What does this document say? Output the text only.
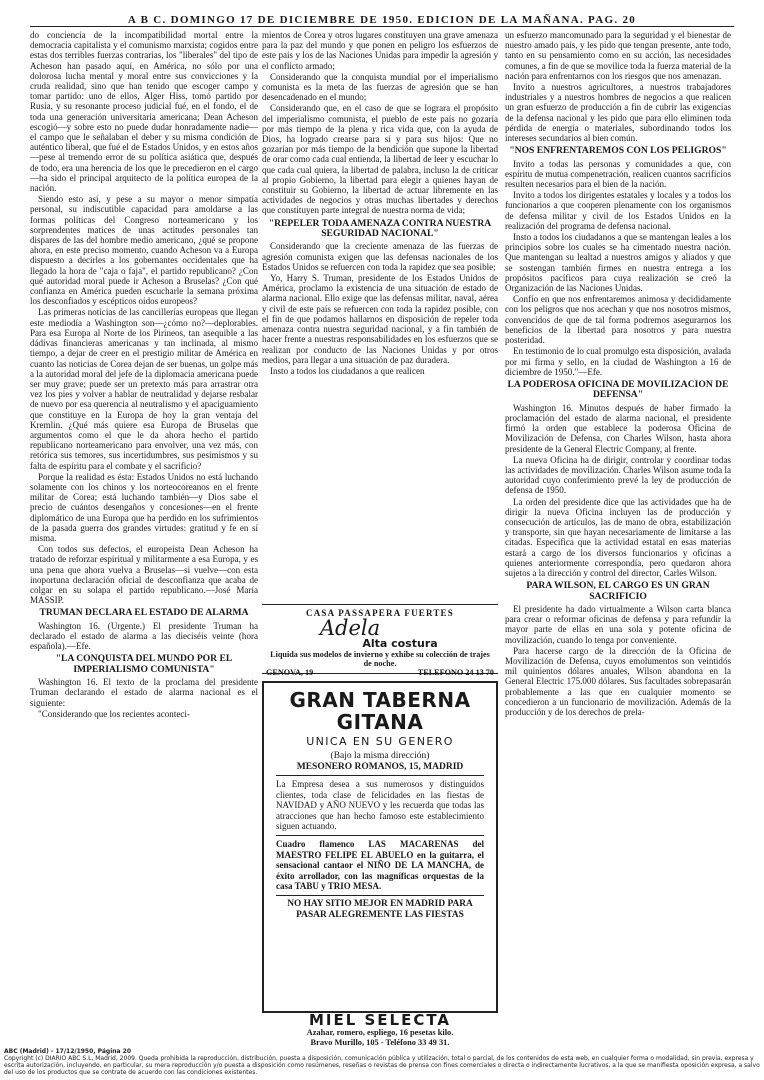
A B C. DOMINGO 17 DE DICIEMBRE DE 1950. EDICION DE LA MAÑANA. PAG. 20

do conciencia de la incompatibilidad mortal entre la democracia capitalista y el comunismo marxista; cogidos entre estas dos terribles fuerzas contrarias, los "liberales" del tipo de Acheson han pasado aquí, en América, no sólo por una dolorosa lucha mental y moral entre sus convicciones y la cruda realidad, sino que han tenido que escoger campo y tomar partido: uno de ellos, Alger Hiss, tomó partido por Rusia, y su resonante proceso judicial fué, en el fondo, el de toda una generación universitaria americana; Dean Acheson escogió—y sobre esto no puede dudar honradamente nadie—el campo que le señalaban el deber y su misma condición de auténtico liberal, que fué el de Estados Unidos, y en estos años—pese al tremendo error de su política asiática que, después de todo, era una herencia de los que le precedieron en el cargo—ha sido el principal arquitecto de la política europea de la nación.

Siendo esto así, y pese a su mayor o menor simpatía personal, su indiscutible capacidad para amoldarse a las formas políticas del Congreso norteamericano y los sorprendentes matices de unas actitudes personales tan dispares de las del hombre medio americano, ¿qué se propone ahora, en este preciso momento, cuando Acheson va a Europa dispuesto a decirles a los gobernantes occidentales que ha llegado la hora de "caja o faja", el partido republicano? ¿Con qué autoridad moral puede ir Acheson a Bruselas? ¿Con qué confianza en América pueden escucharle la semana próxima los desconfiados y escépticos oídos europeos?

Las primeras noticias de las cancillerías europeas que llegan este mediodía a Washington son—¿cómo no?—deplorables. Para esa Europa al Norte de los Pirineos, tan asequible a las dádivas financieras americanas y tan inclinada, al mismo tiempo, a dejar de creer en el prestigio militar de América en cuanto las noticias de Corea dejan de ser buenas, un golpe más a la autoridad moral del jefe de la diplomacia americana puede ser muy grave; puede ser un pretexto más para arrastrar otra vez los pies y volver a hablar de neutralidad y dejarse resbalar de nuevo por esa querencia al neutralismo y el apaciguamiento que constituye en la Europa de hoy la gran ventaja del Kremlin. ¿Qué más quiere esa Europa de Bruselas que argumentos como el que le da ahora hecho el partido republicano norteamericano para envolver, una vez más, con retórica sus temores, sus incertidumbres, sus pesimismos y su falta de espíritu para el combate y el sacrificio?

Porque la realidad es ésta: Estados Unidos no está luchando solamente con los chinos y los norteocoreanos en el frente militar de Corea; está luchando también—y Dios sabe el precio de cuántos desengaños y concesiones—en el frente diplomático de una Europa que ha perdido en los sufrimientos de la pasada guerra dos grandes virtudes: gratitud y fe en sí misma.

Con todos sus defectos, el europeísta Dean Acheson ha tratado de reforzar espiritual y militarmente a esa Europa, y es una pena que ahora vuelva a Bruselas—si vuelve—con esta inoportuna declaración oficial de desconfianza que acaba de colgar en su solapa el partido republicano.—José María MASSIP.

TRUMAN DECLARA EL ESTADO DE ALARMA

Washington 16. (Urgente.) El presidente Truman ha declarado el estado de alarma a las dieciséis veinte (hora española).—Efe.

"LA CONQUISTA DEL MUNDO POR EL IMPERIALISMO COMUNISTA"

Washington 16. El texto de la proclama del presidente Truman declarando el estado de alarma nacional es el siguiente:

"Considerando que los recientes aconteci-

mientos de Corea y otros lugares constituyen una grave amenaza para la paz del mundo y que ponen en peligro los esfuerzos de este país y los de las Naciones Unidas para impedir la agresión y el conflicto armado;

Considerando que la conquista mundial por el imperialismo comunista es la meta de las fuerzas de agresión que se han desencadenado en el mundo;

Considerando que, en el caso de que se lograra el propósito del imperialismo comunista, el pueblo de este país no gozaría por más tiempo de la plena y rica vida que, con la ayuda de Dios, ha logrado crearse para sí y para sus hijos: Que no gozarían por más tiempo de la bendición que supone la libertad de orar como cada cual entienda, la libertad de leer y escuchar lo que cada cual quiera, la libertad de palabra, incluso la de criticar al propio Gobierno, la libertad para elegir a quienes hayan de constituir su Gobierno, la libertad de actuar libremente en las actividades de negocios y otras muchas libertades y derechos que constituyen parte integral de nuestra norma de vida;

"REPELER TODA AMENAZA CONTRA NUESTRA SEGURIDAD NACIONAL"

Considerando que la creciente amenaza de las fuerzas de agresión comunista exigen que las defensas nacionales de los Estados Unidos se refuercen con toda la rapidez que sea posible;

Yo, Harry S. Truman, presidente de los Estados Unidos de América, proclamo la existencia de una situación de estado de alarma nacional. Ello exige que las defensas militar, naval, aérea y civil de este país se refuercen con toda la rapidez posible, con el fin de que podamos hallarnos en disposición de repeler toda amenaza contra nuestra seguridad nacional, y a fin también de hacer frente a nuestras responsabilidades en los esfuerzos que se realizan por conducto de las Naciones Unidas y por otros medios, para llegar a una situación de paz duradera.

Insto a todos los ciudadanos a que realicen

CASA PASSAPERA FUERTES
Adela
Alta costura
Liquida sus modelos de invierno y exhibe su colección de trajes de noche.
GENOVA, 19	TELEFONO 24 13 70
GRAN TABERNA GITANA
UNICA EN SU GENERO
(Bajo la misma dirección)
MESONERO ROMANOS, 15, MADRID
La Empresa desea a sus numerosos y distinguidos clientes, toda clase de felicidades en las fiestas de NAVIDAD y AÑO NUEVO y les recuerda que todas las atracciones que han hecho famoso este establecimiento siguen actuando.
Cuadro flamenco LAS MACARENAS del MAESTRO FELIPE EL ABUELO en la guitarra, el sensacional cantaor el NIÑO DE LA MANCHA, de éxito arrollador, con las magníficas orquestas de la casa TABU y TRIO MESA.
NO HAY SITIO MEJOR EN MADRID PARA PASAR ALEGREMENTE LAS FIESTAS
MIEL SELECTA
Azahar, romero, espliego, 16 pesetas kilo.
Bravo Murillo, 105 - Teléfono 33 49 31.

un esfuerzo mancomunado para la seguridad y el bienestar de nuestro amado país, y les pido que tengan presente, ante todo, tanto en su pensamiento como en su acción, las necesidades comunes, a fin de que se movilice toda la fuerza material de la nación para enfrentarnos con los riesgos que nos amenazan.

Invito a nuestros agricultores, a nuestros trabajadores industriales y a nuestros hombres de negocios a que realicen un gran esfuerzo de producción a fin de cubrir las exigencias de la defensa nacional y les pido que para ello eliminen toda pérdida de energía o materiales, subordinando todos los intereses secundarios al bien común.

"NOS ENFRENTAREMOS CON LOS PELIGROS"

Invito a todas las personas y comunidades a que, con espíritu de mutua compenetración, realicen cuantos sacrificios resulten necesarios para el bien de la nación.

Invito a todos los dirigentes estatales y locales y a todos los funcionarios a que cooperen plenamente con los organismos de defensa militar y civil de los Estados Unidos en la realización del programa de defensa nacional.

Insto a todos los ciudadanos a que se mantengan leales a los principios sobre los cuales se ha cimentado nuestra nación. Que mantengan su lealtad a nuestros amigos y aliados y que se sostengan también firmes en nuestra entrega a los propósitos pacíficos para cuya realización se creó la Organización de las Naciones Unidas.

Confío en que nos enfrentaremos animosa y decididamente con los peligros que nos acechan y que nos nosotros mismos, convencidos de que de tal forma podremos asegurarnos los beneficios de la libertad para nosotros y para nuestra posteridad.

En testimonio de lo cual promulgo esta disposición, avalada por mi firma y sello, en la ciudad de Washington a 16 de diciembre de 1950."—Efe.

LA PODEROSA OFICINA DE MOVILIZACION DE DEFENSA"

Washington 16. Minutos después de haber firmado la proclamación del estado de alarma nacional, el presidente firmó la orden que establece la poderosa Oficina de Movilización de Defensa, con Charles Wilson, hasta ahora presidente de la General Electric Company, al frente.

La nueva Oficina ha de dirigir, controlar y coordinar todas las actividades de movilización. Charles Wilson asume toda la autoridad cuyo conferimiento prevé la ley de producción de defensa de 1950.

La orden del presidente dice que las actividades que ha de dirigir la nueva Oficina incluyen las de producción y consecución de artículos, las de mano de obra, estabilización y transporte, sin que hayan necesariamente de limitarse a las citadas. Especifica que la actividad estatal en esas materias estará a cargo de los diversos funcionarios y oficinas a quienes anteriormente correspondía, pero quedaron ahora sujetos a la dirección y control del director, Carles Wilson.

PARA WILSON, EL CARGO ES UN GRAN SACRIFICIO

El presidente ha dado virtualmente a Wilson carta blanca para crear o reformar oficinas de defensa y para refundir la mayor parte de ellas en una sola y potente oficina de movilización, cuando lo tenga por conveniente.

Para hacerse cargo de la dirección de la Oficina de Movilización de Defensa, cuyos emolumentos son veintidós mil quinientos dólares anuales, Wilson abandona en la General Electric 175.000 dólares. Sus facultades sobrepasarán probablemente a las que en cualquier momento se concedieron a un funcionario de movilización. Además de la producción y de los derechos de prela-

ABC (Madrid) - 17/12/1950, Página 20
Copyright (c) DIARIO ABC S.L, Madrid, 2009. Queda prohibida la reproducción, distribución, puesta a disposición, comunicación pública y utilización, total o parcial, de los contenidos de esta web, en cualquier forma o modalidad, sin previa, expresa y escrita autorización, incluyendo, en particular, su mera reproducción y/o puesta a disposición como resúmenes, reseñas o revistas de prensa con fines comerciales o directa o indirectamente lucrativos, a la que se manifiesta oposición expresa, a salvo del uso de los productos que se contrate de acuerdo con las condiciones existentes.
